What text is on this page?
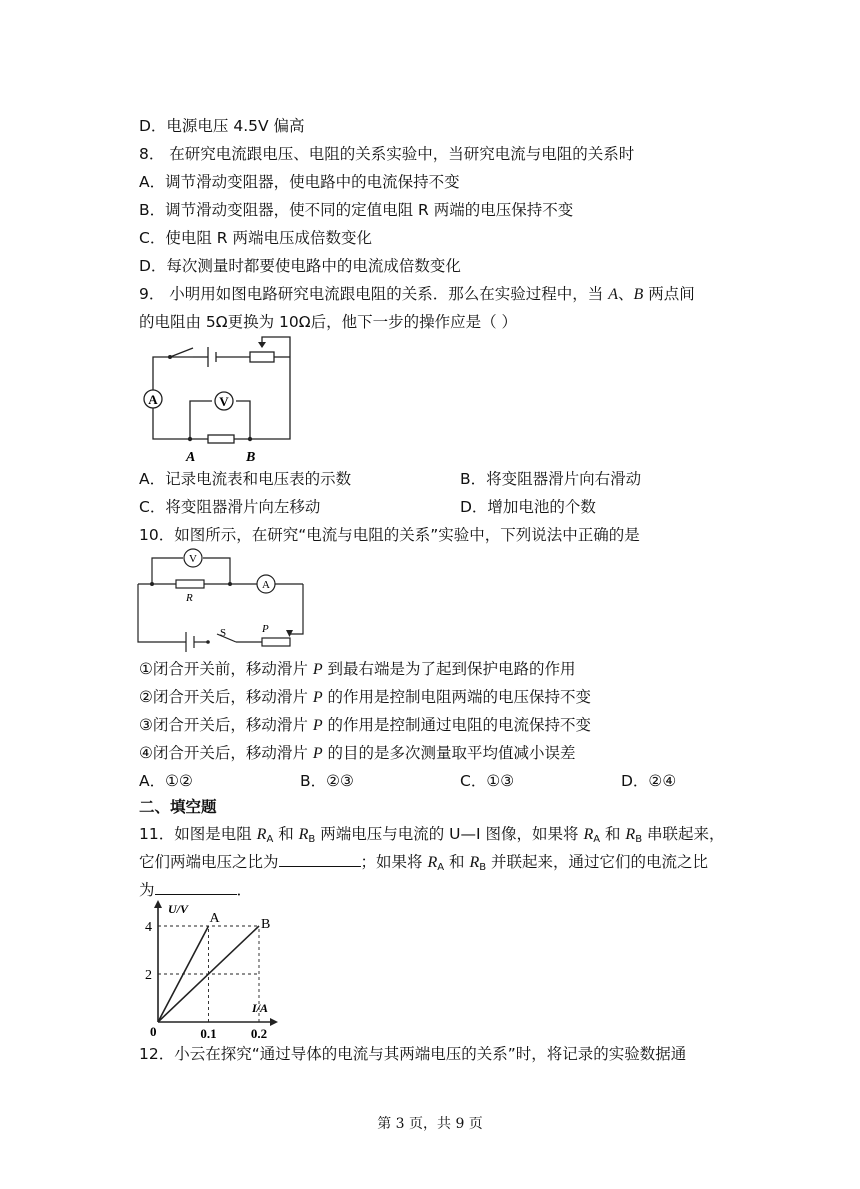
D．电源电压 4.5V 偏高
8． 在研究电流跟电压、电阻的关系实验中，当研究电流与电阻的关系时
A．调节滑动变阻器，使电路中的电流保持不变
B．调节滑动变阻器，使不同的定值电阻 R 两端的电压保持不变
C．使电阻 R 两端电压成倍数变化
D．每次测量时都要使电路中的电流成倍数变化
9． 小明用如图电路研究电流跟电阻的关系．那么在实验过程中，当 A、B 两点间
的电阻由 5Ω更换为 10Ω后，他下一步的操作应是（ ）
A	V
A	B
A．记录电流表和电压表的示数	B．将变阻器滑片向右滑动
C．将变阻器滑片向左移动	D．增加电池的个数
10．如图所示，在研究“电流与电阻的关系”实验中，下列说法中正确的是
V
A
R
S	P
①闭合开关前，移动滑片 P 到最右端是为了起到保护电路的作用
②闭合开关后，移动滑片 P 的作用是控制电阻两端的电压保持不变
③闭合开关后，移动滑片 P 的作用是控制通过电阻的电流保持不变
④闭合开关后，移动滑片 P 的目的是多次测量取平均值减小误差
A．①②	B．②③	C．①③	D．②④
二、填空题
11．如图是电阻 $R_A$ 和 $R_B$ 两端电压与电流的 U—I 图像，如果将 $R_A$ 和 $R_B$ 串联起来，
它们两端电压之比为	；如果将 $R_A$ 和 $R_B$ 并联起来，通过它们的电流之比
为	．
U/V
I/A
0
2
4
0.1	0.2
A	B
12．小云在探究“通过导体的电流与其两端电压的关系”时，将记录的实验数据通
第 3 页，共 9 页
